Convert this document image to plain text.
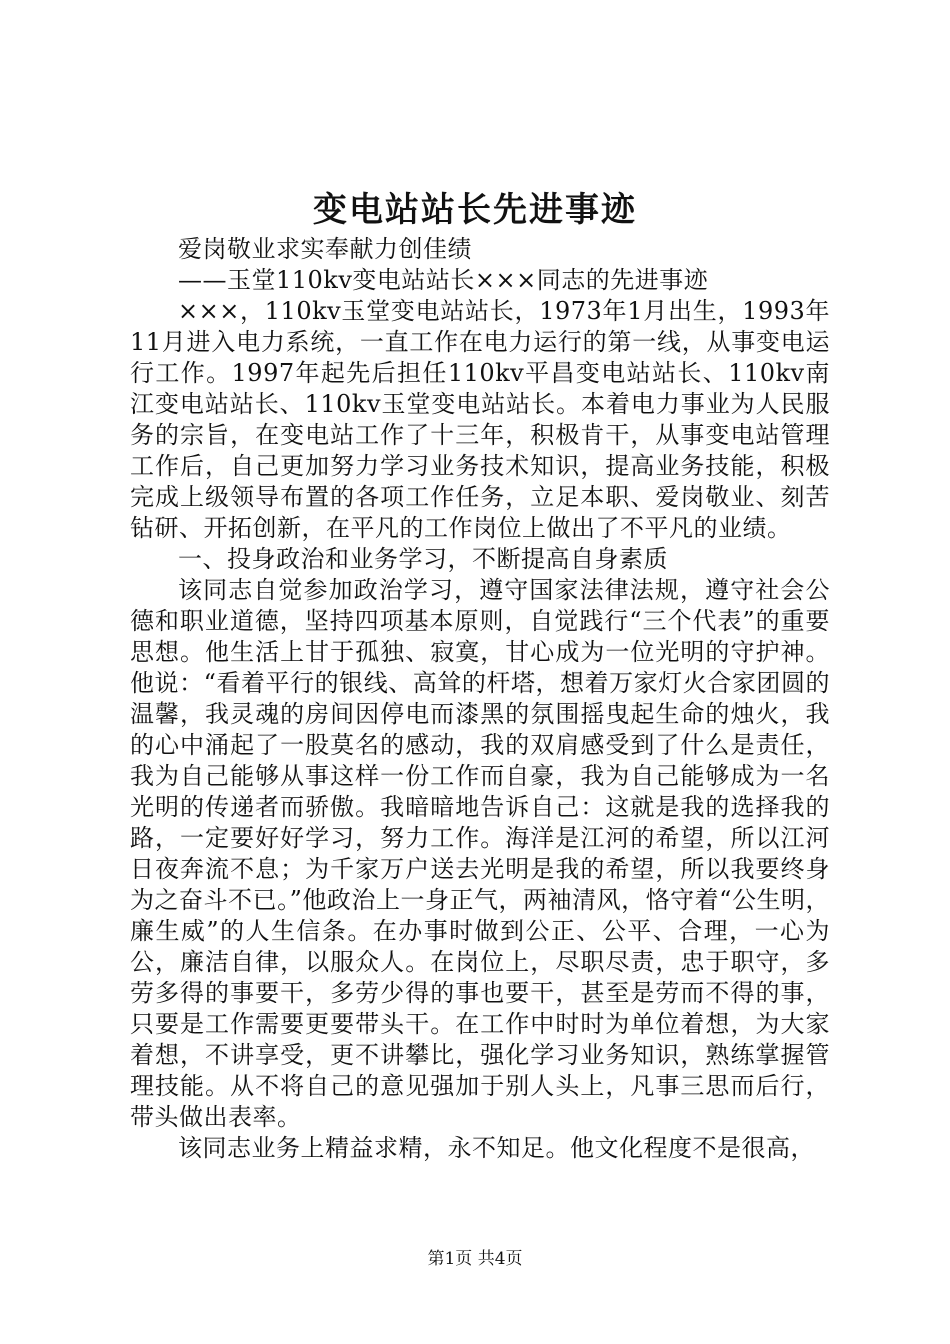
变电站站长先进事迹

爱岗敬业求实奉献力创佳绩

——玉堂110kv变电站站长×××同志的先进事迹

×××，110kv玉堂变电站站长，1973年1月出生，1993年11月进入电力系统，一直工作在电力运行的第一线，从事变电运行工作。1997年起先后担任110kv平昌变电站站长、110kv南江变电站站长、110kv玉堂变电站站长。本着电力事业为人民服务的宗旨，在变电站工作了十三年，积极肯干，从事变电站管理工作后，自己更加努力学习业务技术知识，提高业务技能，积极完成上级领导布置的各项工作任务，立足本职、爱岗敬业、刻苦钻研、开拓创新，在平凡的工作岗位上做出了不平凡的业绩。

一、投身政治和业务学习，不断提高自身素质

该同志自觉参加政治学习，遵守国家法律法规，遵守社会公德和职业道德，坚持四项基本原则，自觉践行“三个代表”的重要思想。他生活上甘于孤独、寂寞，甘心成为一位光明的守护神。他说：“看着平行的银线、高耸的杆塔，想着万家灯火合家团圆的温馨，我灵魂的房间因停电而漆黑的氛围摇曳起生命的烛火，我的心中涌起了一股莫名的感动，我的双肩感受到了什么是责任，我为自己能够从事这样一份工作而自豪，我为自己能够成为一名光明的传递者而骄傲。我暗暗地告诉自己：这就是我的选择我的路，一定要好好学习，努力工作。海洋是江河的希望，所以江河日夜奔流不息；为千家万户送去光明是我的希望，所以我要终身为之奋斗不已。”他政治上一身正气，两袖清风，恪守着“公生明，廉生威”的人生信条。在办事时做到公正、公平、合理，一心为公，廉洁自律，以服众人。在岗位上，尽职尽责，忠于职守，多劳多得的事要干，多劳少得的事也要干，甚至是劳而不得的事，只要是工作需要更要带头干。在工作中时时为单位着想，为大家着想，不讲享受，更不讲攀比，强化学习业务知识，熟练掌握管理技能。从不将自己的意见强加于别人头上，凡事三思而后行，带头做出表率。

该同志业务上精益求精，永不知足。他文化程度不是很高，

第1页 共4页
